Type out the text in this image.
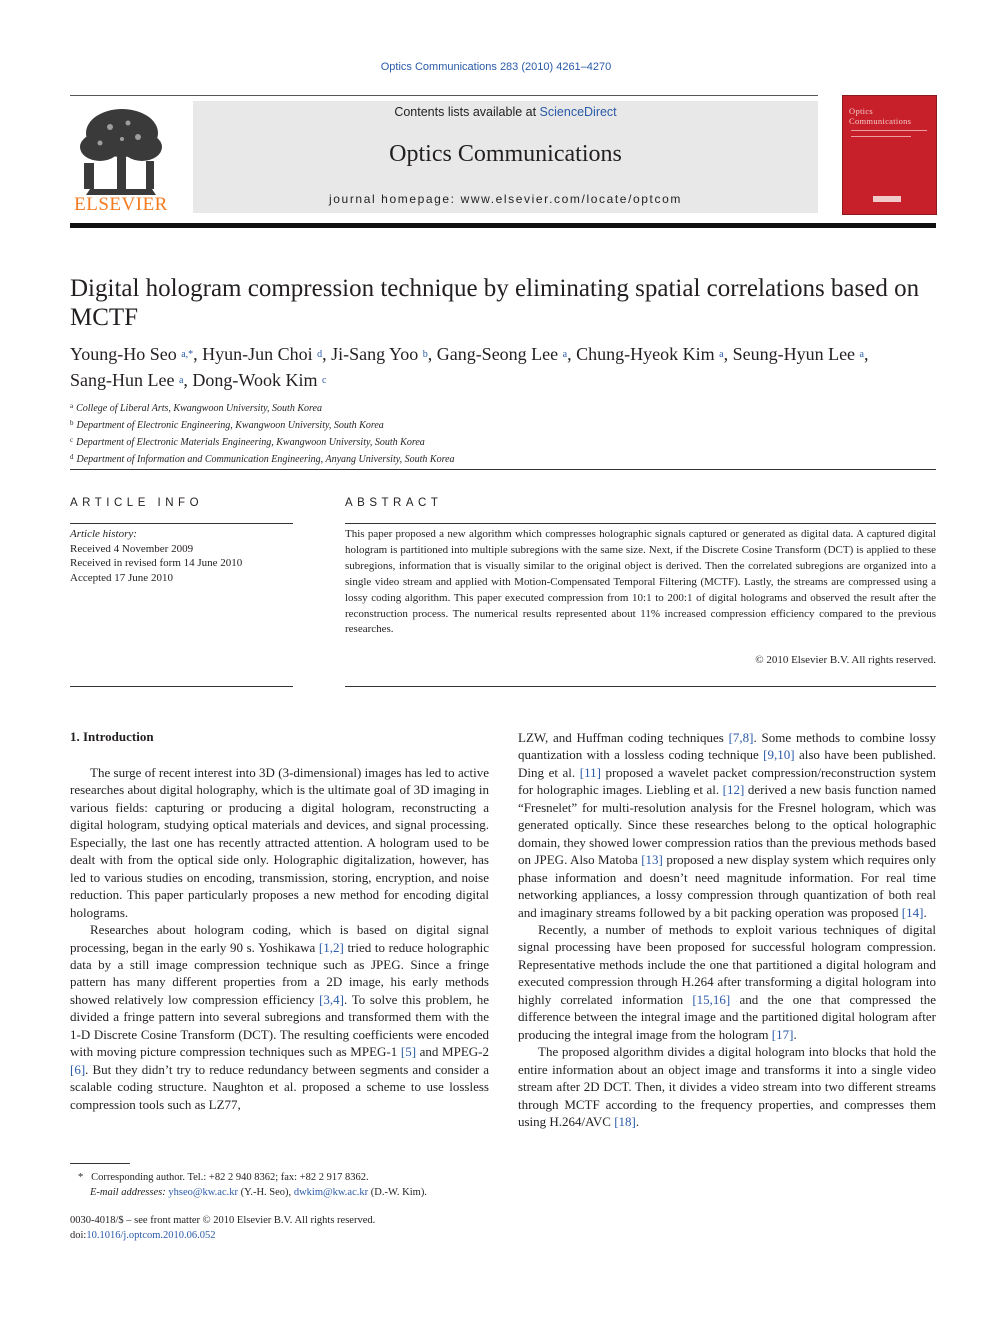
Optics Communications 283 (2010) 4261–4270
ELSEVIER
Contents lists available at ScienceDirect
Optics Communications
journal homepage: www.elsevier.com/locate/optcom
Optics Communications
Digital hologram compression technique by eliminating spatial correlations based on MCTF
Young-Ho Seo $^{a,*}$, Hyun-Jun Choi $^d$, Ji-Sang Yoo $^b$, Gang-Seong Lee $^a$, Chung-Hyeok Kim $^a$, Seung-Hyun Lee $^a$,
Sang-Hun Lee $^a$, Dong-Wook Kim $^c$
$^a$ College of Liberal Arts, Kwangwoon University, South Korea
$^b$ Department of Electronic Engineering, Kwangwoon University, South Korea
$^c$ Department of Electronic Materials Engineering, Kwangwoon University, South Korea
$^d$ Department of Information and Communication Engineering, Anyang University, South Korea
ARTICLE INFO
Article history:
Received 4 November 2009
Received in revised form 14 June 2010
Accepted 17 June 2010
ABSTRACT
This paper proposed a new algorithm which compresses holographic signals captured or generated as digital data. A captured digital hologram is partitioned into multiple subregions with the same size. Next, if the Discrete Cosine Transform (DCT) is applied to these subregions, information that is visually similar to the original object is derived. Then the correlated subregions are organized into a single video stream and applied with Motion-Compensated Temporal Filtering (MCTF). Lastly, the streams are compressed using a lossy coding algorithm. This paper executed compression from 10:1 to 200:1 of digital holograms and observed the result after the reconstruction process. The numerical results represented about 11% increased compression efficiency compared to the previous researches.
© 2010 Elsevier B.V. All rights reserved.
1. Introduction

The surge of recent interest into 3D (3-dimensional) images has led to active researches about digital holography, which is the ultimate goal of 3D imaging in various fields: capturing or producing a digital hologram, reconstructing a digital hologram, studying optical materials and devices, and signal processing. Especially, the last one has recently attracted attention. A hologram used to be dealt with from the optical side only. Holographic digitalization, however, has led to various studies on encoding, transmission, storing, encryption, and noise reduction. This paper particularly proposes a new method for encoding digital holograms.

Researches about hologram coding, which is based on digital signal processing, began in the early 90 s. Yoshikawa [1,2] tried to reduce holographic data by a still image compression technique such as JPEG. Since a fringe pattern has many different properties from a 2D image, his early methods showed relatively low compression efficiency [3,4]. To solve this problem, he divided a fringe pattern into several subregions and transformed them with the 1-D Discrete Cosine Transform (DCT). The resulting coefficients were encoded with moving picture compression techniques such as MPEG-1 [5] and MPEG-2 [6]. But they didn’t try to reduce redundancy between segments and consider a scalable coding structure. Naughton et al. proposed a scheme to use lossless compression tools such as LZ77,

LZW, and Huffman coding techniques [7,8]. Some methods to combine lossy quantization with a lossless coding technique [9,10] also have been published. Ding et al. [11] proposed a wavelet packet compression/reconstruction system for holographic images. Liebling et al. [12] derived a new basis function named “Fresnelet” for multi-resolution analysis for the Fresnel hologram, which was generated optically. Since these researches belong to the optical holographic domain, they showed lower compression ratios than the previous methods based on JPEG. Also Matoba [13] proposed a new display system which requires only phase information and doesn’t need magnitude information. For real time networking appliances, a lossy compression through quantization of both real and imaginary streams followed by a bit packing operation was proposed [14].

Recently, a number of methods to exploit various techniques of digital signal processing have been proposed for successful hologram compression. Representative methods include the one that partitioned a digital hologram and executed compression through H.264 after transforming a digital hologram into highly correlated information [15,16] and the one that compressed the difference between the integral image and the partitioned digital hologram after producing the integral image from the hologram [17].

The proposed algorithm divides a digital hologram into blocks that hold the entire information about an object image and transforms it into a single video stream after 2D DCT. Then, it divides a video stream into two different streams through MCTF according to the frequency properties, and compresses them using H.264/AVC [18].

* Corresponding author. Tel.: +82 2 940 8362; fax: +82 2 917 8362.
E-mail addresses: yhseo@kw.ac.kr (Y.-H. Seo), dwkim@kw.ac.kr (D.-W. Kim).
0030-4018/$ – see front matter © 2010 Elsevier B.V. All rights reserved.
doi:10.1016/j.optcom.2010.06.052
